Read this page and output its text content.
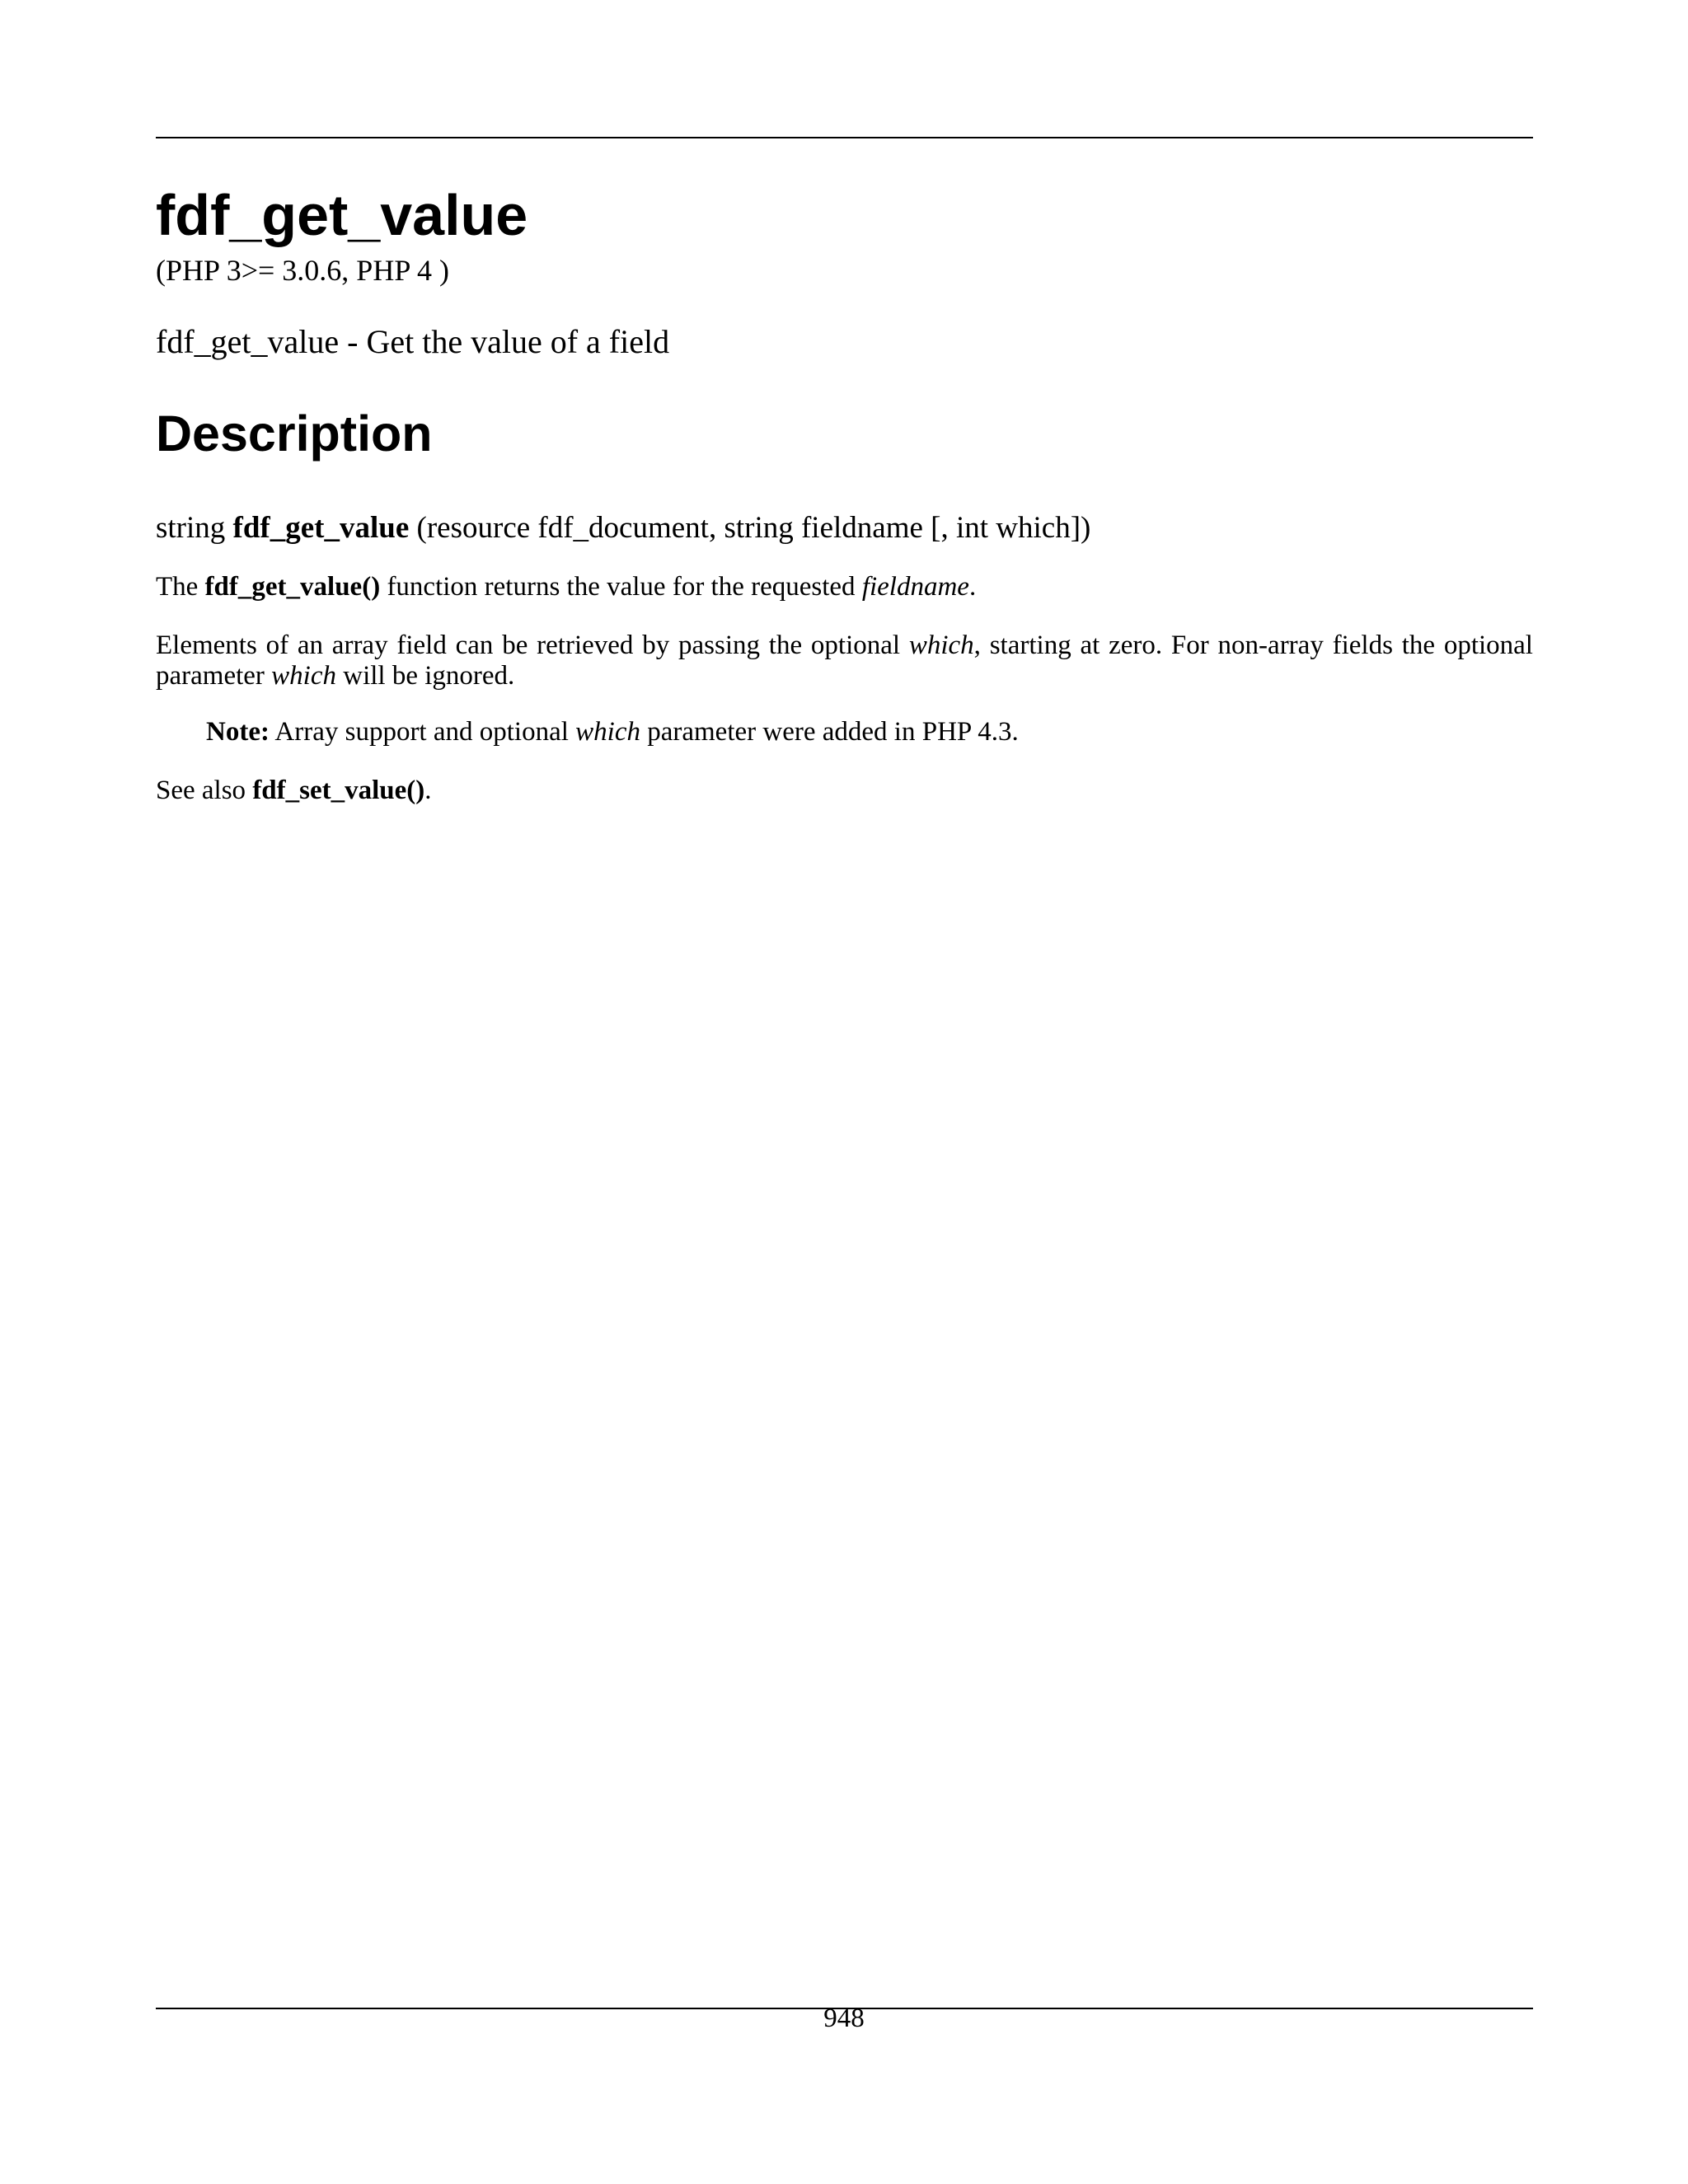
fdf_get_value
(PHP 3>= 3.0.6, PHP 4 )
fdf_get_value - Get the value of a field
Description
string fdf_get_value (resource fdf_document, string fieldname [, int which])
The fdf_get_value() function returns the value for the requested fieldname.
Elements of an array field can be retrieved by passing the optional which, starting at zero. For non-array fields the optional parameter which will be ignored.
Note: Array support and optional which parameter were added in PHP 4.3.
See also fdf_set_value().
948
